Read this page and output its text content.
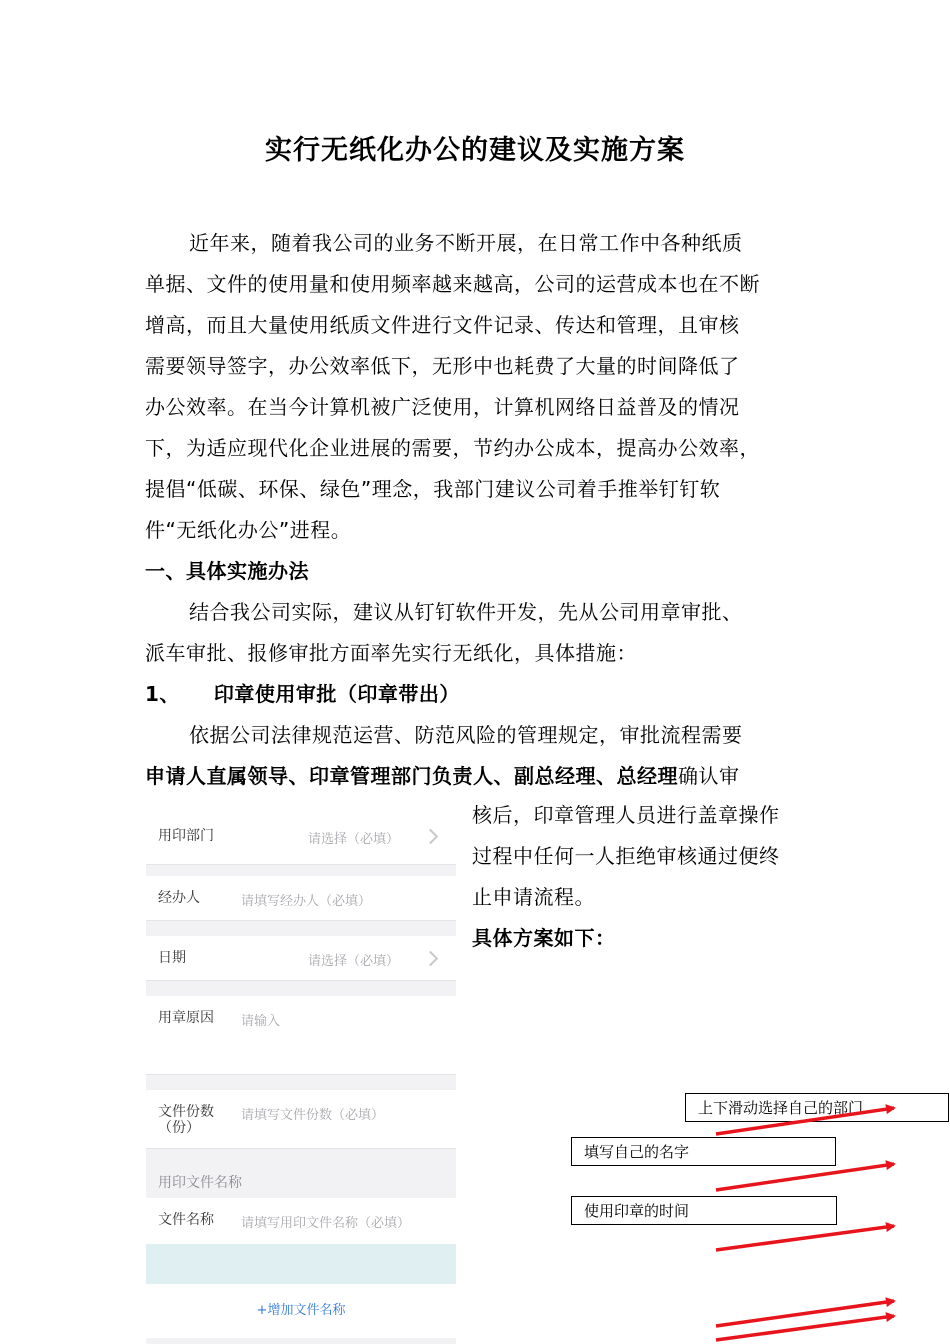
实行无纸化办公的建议及实施方案
近年来，随着我公司的业务不断开展，在日常工作中各种纸质
单据、文件的使用量和使用频率越来越高，公司的运营成本也在不断
增高，而且大量使用纸质文件进行文件记录、传达和管理，且审核
需要领导签字，办公效率低下，无形中也耗费了大量的时间降低了
办公效率。在当今计算机被广泛使用，计算机网络日益普及的情况
下，为适应现代化企业进展的需要，节约办公成本，提高办公效率，
提倡“低碳、环保、绿色”理念，我部门建议公司着手推举钉钉软
件“无纸化办公”进程。
一、具体实施办法
结合我公司实际，建议从钉钉软件开发，先从公司用章审批、
派车审批、报修审批方面率先实行无纸化，具体措施：
1、 印章使用审批（印章带出）
依据公司法律规范运营、防范风险的管理规定，审批流程需要
申请人直属领导、印章管理部门负责人、副总经理、总经理确认审
核后，印章管理人员进行盖章操作
过程中任何一人拒绝审核通过便终
止申请流程。
具体方案如下：
用印部门	请选择（必填）
经办人	请填写经办人（必填）
日期	请选择（必填）
用章原因 请输入
文件份数（份）
请填写文件份数（必填）
用印文件名称
文件名称 请填写用印文件名称（必填）
+增加文件名称
上下滑动选择自己的部门
填写自己的名字
使用印章的时间
